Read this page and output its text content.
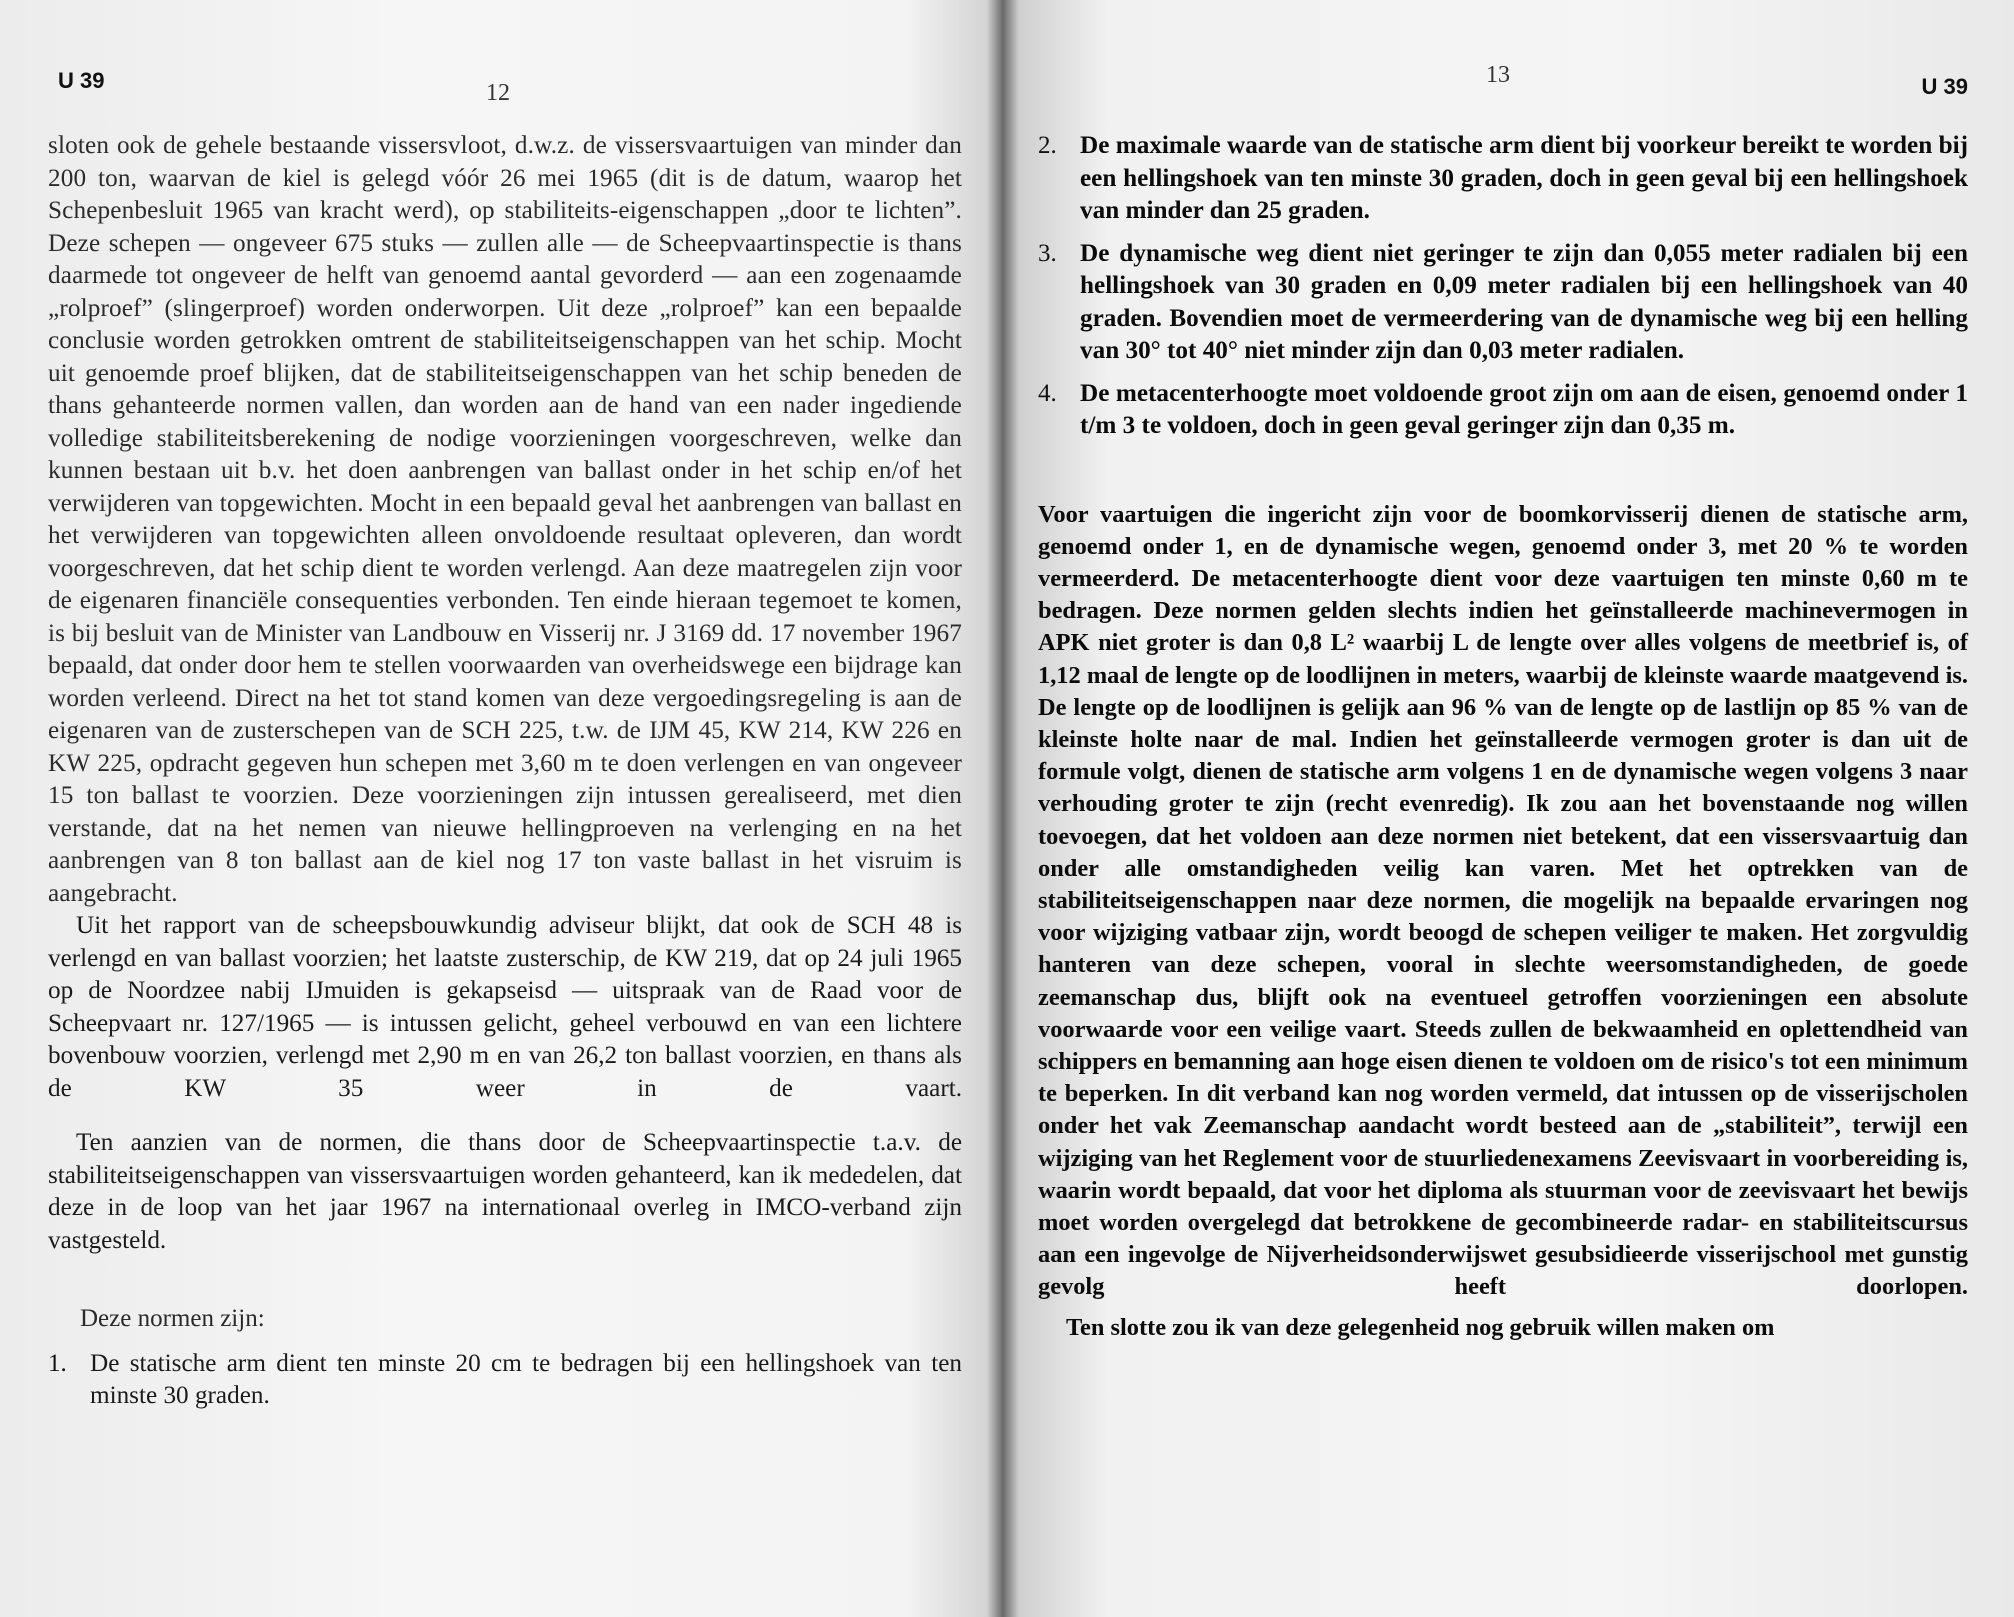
U 39	12

sloten ook de gehele bestaande vissersvloot, d.w.z. de vissersvaartuigen van minder dan 200 ton, waarvan de kiel is gelegd vóór 26 mei 1965 (dit is de datum, waarop het Schepenbesluit 1965 van kracht werd), op stabiliteits-eigenschappen „door te lichten”. Deze schepen — ongeveer 675 stuks — zullen alle — de Scheepvaartinspectie is thans daarmede tot ongeveer de helft van genoemd aantal gevorderd — aan een zogenaamde „rolproef” (slingerproef) worden onderworpen. Uit deze „rolproef” kan een bepaalde conclusie worden getrokken omtrent de stabiliteitseigenschappen van het schip. Mocht uit genoemde proef blijken, dat de stabiliteitseigenschappen van het schip beneden de thans gehanteerde normen vallen, dan worden aan de hand van een nader ingediende volledige stabiliteitsberekening de nodige voorzieningen voorgeschreven, welke dan kunnen bestaan uit b.v. het doen aanbrengen van ballast onder in het schip en/of het verwijderen van topgewichten. Mocht in een bepaald geval het aanbrengen van ballast en het verwijderen van topgewichten alleen onvoldoende resultaat opleveren, dan wordt voorgeschreven, dat het schip dient te worden verlengd. Aan deze maatregelen zijn voor de eigenaren financiële consequenties verbonden. Ten einde hieraan tegemoet te komen, is bij besluit van de Minister van Landbouw en Visserij nr. J 3169 dd. 17 november 1967 bepaald, dat onder door hem te stellen voorwaarden van overheidswege een bijdrage kan worden verleend. Direct na het tot stand komen van deze vergoedingsregeling is aan de eigenaren van de zusterschepen van de SCH 225, t.w. de IJM 45, KW 214, KW 226 en KW 225, opdracht gegeven hun schepen met 3,60 m te doen verlengen en van ongeveer 15 ton ballast te voorzien. Deze voorzieningen zijn intussen gerealiseerd, met dien verstande, dat na het nemen van nieuwe hellingproeven na verlenging en na het aanbrengen van 8 ton ballast aan de kiel nog 17 ton vaste ballast in het visruim is aangebracht.

Uit het rapport van de scheepsbouwkundig adviseur blijkt, dat ook de SCH 48 is verlengd en van ballast voorzien; het laatste zusterschip, de KW 219, dat op 24 juli 1965 op de Noordzee nabij IJmuiden is gekapseisd — uitspraak van de Raad voor de Scheepvaart nr. 127/1965 — is intussen gelicht, geheel verbouwd en van een lichtere bovenbouw voorzien, verlengd met 2,90 m en van 26,2 ton ballast voorzien, en thans als de KW 35 weer in de vaart.

Ten aanzien van de normen, die thans door de Scheepvaartinspectie t.a.v. de stabiliteitseigenschappen van vissersvaartuigen worden gehanteerd, kan ik mededelen, dat deze in de loop van het jaar 1967 na internationaal overleg in IMCO-verband zijn vastgesteld.

Deze normen zijn:

1. De statische arm dient ten minste 20 cm te bedragen bij een hellingshoek van ten minste 30 graden.

13	U 39
2. De maximale waarde van de statische arm dient bij voorkeur bereikt te worden bij een hellingshoek van ten minste 30 graden, doch in geen geval bij een hellingshoek van minder dan 25 graden.

3. De dynamische weg dient niet geringer te zijn dan 0,055 meter radialen bij een hellingshoek van 30 graden en 0,09 meter radialen bij een hellingshoek van 40 graden. Bovendien moet de vermeerdering van de dynamische weg bij een helling van 30° tot 40° niet minder zijn dan 0,03 meter radialen.

4. De metacenterhoogte moet voldoende groot zijn om aan de eisen, genoemd onder 1 t/m 3 te voldoen, doch in geen geval geringer zijn dan 0,35 m.

Voor vaartuigen die ingericht zijn voor de boomkorvisserij dienen de statische arm, genoemd onder 1, en de dynamische wegen, genoemd onder 3, met 20 % te worden vermeerderd. De metacenterhoogte dient voor deze vaartuigen ten minste 0,60 m te bedragen. Deze normen gelden slechts indien het geïnstalleerde machinevermogen in APK niet groter is dan 0,8 L² waarbij L de lengte over alles volgens de meetbrief is, of 1,12 maal de lengte op de loodlijnen in meters, waarbij de kleinste waarde maatgevend is. De lengte op de loodlijnen is gelijk aan 96 % van de lengte op de lastlijn op 85 % van de kleinste holte naar de mal. Indien het geïnstalleerde vermogen groter is dan uit de formule volgt, dienen de statische arm volgens 1 en de dynamische wegen volgens 3 naar verhouding groter te zijn (recht evenredig). Ik zou aan het bovenstaande nog willen toevoegen, dat het voldoen aan deze normen niet betekent, dat een vissersvaartuig dan onder alle omstandigheden veilig kan varen. Met het optrekken van de stabiliteitseigenschappen naar deze normen, die mogelijk na bepaalde ervaringen nog voor wijziging vatbaar zijn, wordt beoogd de schepen veiliger te maken. Het zorgvuldig hanteren van deze schepen, vooral in slechte weersomstandigheden, de goede zeemanschap dus, blijft ook na eventueel getroffen voorzieningen een absolute voorwaarde voor een veilige vaart. Steeds zullen de bekwaamheid en oplettendheid van schippers en bemanning aan hoge eisen dienen te voldoen om de risico's tot een minimum te beperken. In dit verband kan nog worden vermeld, dat intussen op de visserijscholen onder het vak Zeemanschap aandacht wordt besteed aan de „stabiliteit”, terwijl een wijziging van het Reglement voor de stuurliedenexamens Zeevisvaart in voorbereiding is, waarin wordt bepaald, dat voor het diploma als stuurman voor de zeevisvaart het bewijs moet worden overgelegd dat betrokkene de gecombineerde radar- en stabiliteitscursus aan een ingevolge de Nijverheidsonderwijswet gesubsidieerde visserijschool met gunstig gevolg heeft doorlopen.

Ten slotte zou ik van deze gelegenheid nog gebruik willen maken om
